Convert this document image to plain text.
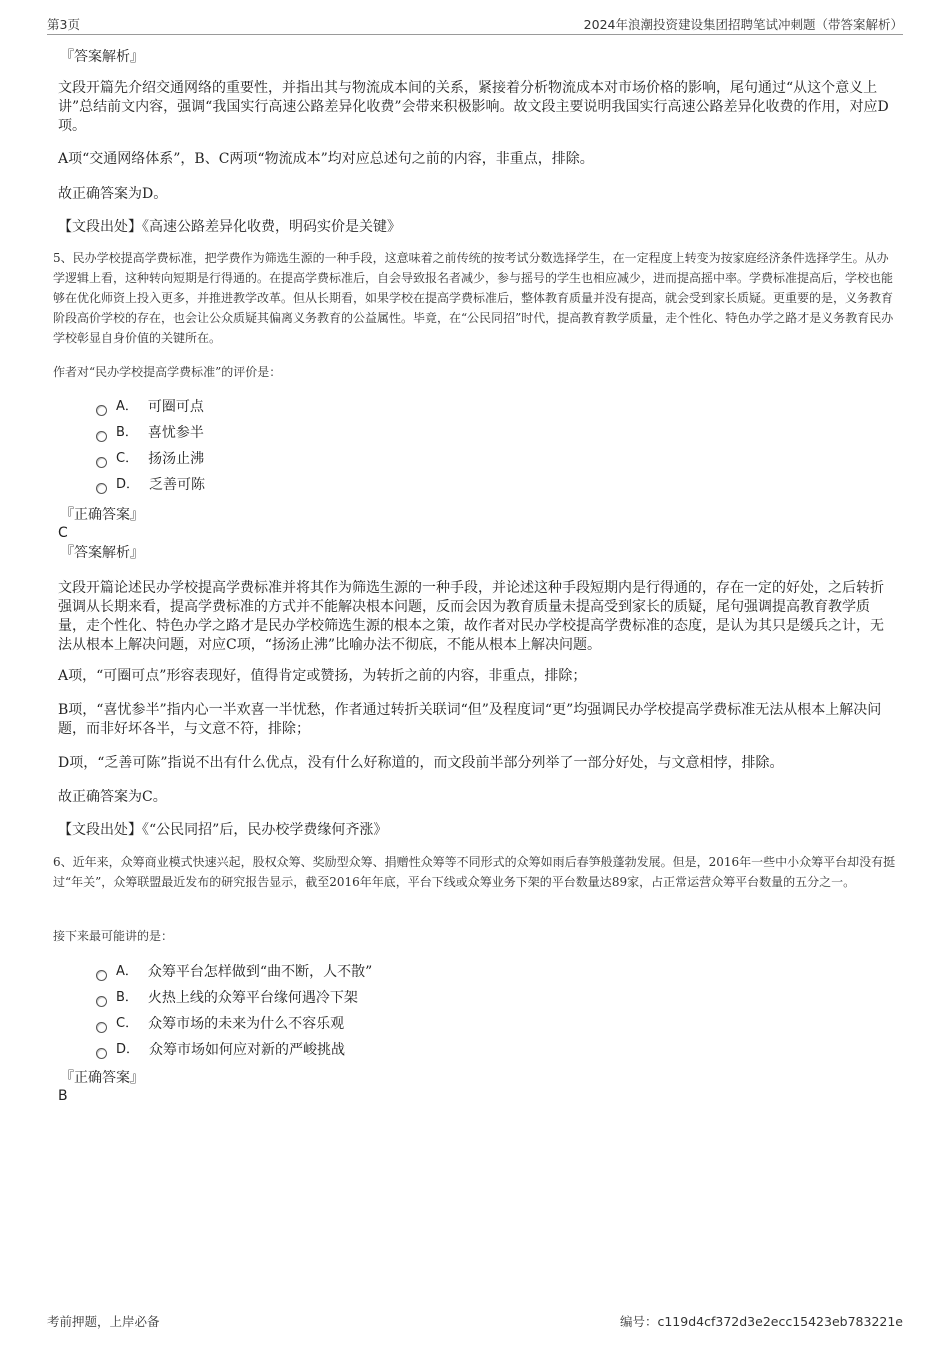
第3页	2024年浪潮投资建设集团招聘笔试冲刺题（带答案解析）

『答案解析』

文段开篇先介绍交通网络的重要性，并指出其与物流成本间的关系，紧接着分析物流成本对市场价格的影响，尾句通过“从这个意义上讲”总结前文内容，强调“我国实行高速公路差异化收费”会带来积极影响。故文段主要说明我国实行高速公路差异化收费的作用，对应D项。

A项“交通网络体系”，B、C两项“物流成本”均对应总述句之前的内容，非重点，排除。

故正确答案为D。

【文段出处】《高速公路差异化收费，明码实价是关键》

5、民办学校提高学费标准，把学费作为筛选生源的一种手段，这意味着之前传统的按考试分数选择学生，在一定程度上转变为按家庭经济条件选择学生。从办学逻辑上看，这种转向短期是行得通的。在提高学费标准后，自会导致报名者减少，参与摇号的学生也相应减少，进而提高摇中率。学费标准提高后，学校也能够在优化师资上投入更多，并推进教学改革。但从长期看，如果学校在提高学费标准后，整体教育质量并没有提高，就会受到家长质疑。更重要的是，义务教育阶段高价学校的存在，也会让公众质疑其偏离义务教育的公益属性。毕竟，在“公民同招”时代，提高教育教学质量，走个性化、特色办学之路才是义务教育民办学校彰显自身价值的关键所在。

作者对“民办学校提高学费标准”的评价是：

A． 可圈可点
B． 喜忧参半
C． 扬汤止沸
D． 乏善可陈

『正确答案』

C

『答案解析』

文段开篇论述民办学校提高学费标准并将其作为筛选生源的一种手段，并论述这种手段短期内是行得通的，存在一定的好处，之后转折强调从长期来看，提高学费标准的方式并不能解决根本问题，反而会因为教育质量未提高受到家长的质疑，尾句强调提高教育教学质量，走个性化、特色办学之路才是民办学校筛选生源的根本之策，故作者对民办学校提高学费标准的态度，是认为其只是缓兵之计，无法从根本上解决问题，对应C项，“扬汤止沸”比喻办法不彻底，不能从根本上解决问题。

A项，“可圈可点”形容表现好，值得肯定或赞扬，为转折之前的内容，非重点，排除；

B项，“喜忧参半”指内心一半欢喜一半忧愁，作者通过转折关联词“但”及程度词“更”均强调民办学校提高学费标准无法从根本上解决问题，而非好坏各半，与文意不符，排除；

D项，“乏善可陈”指说不出有什么优点，没有什么好称道的，而文段前半部分列举了一部分好处，与文意相悖，排除。

故正确答案为C。

【文段出处】《“公民同招”后，民办校学费缘何齐涨》

6、近年来，众筹商业模式快速兴起，股权众筹、奖励型众筹、捐赠性众筹等不同形式的众筹如雨后春笋般蓬勃发展。但是，2016年一些中小众筹平台却没有挺过“年关”，众筹联盟最近发布的研究报告显示，截至2016年年底，平台下线或众筹业务下架的平台数量达89家，占正常运营众筹平台数量的五分之一。

接下来最可能讲的是：

A． 众筹平台怎样做到“曲不断，人不散”
B． 火热上线的众筹平台缘何遇冷下架
C． 众筹市场的未来为什么不容乐观
D． 众筹市场如何应对新的严峻挑战

『正确答案』

B

考前押题，上岸必备	编号：c119d4cf372d3e2ecc15423eb783221e
